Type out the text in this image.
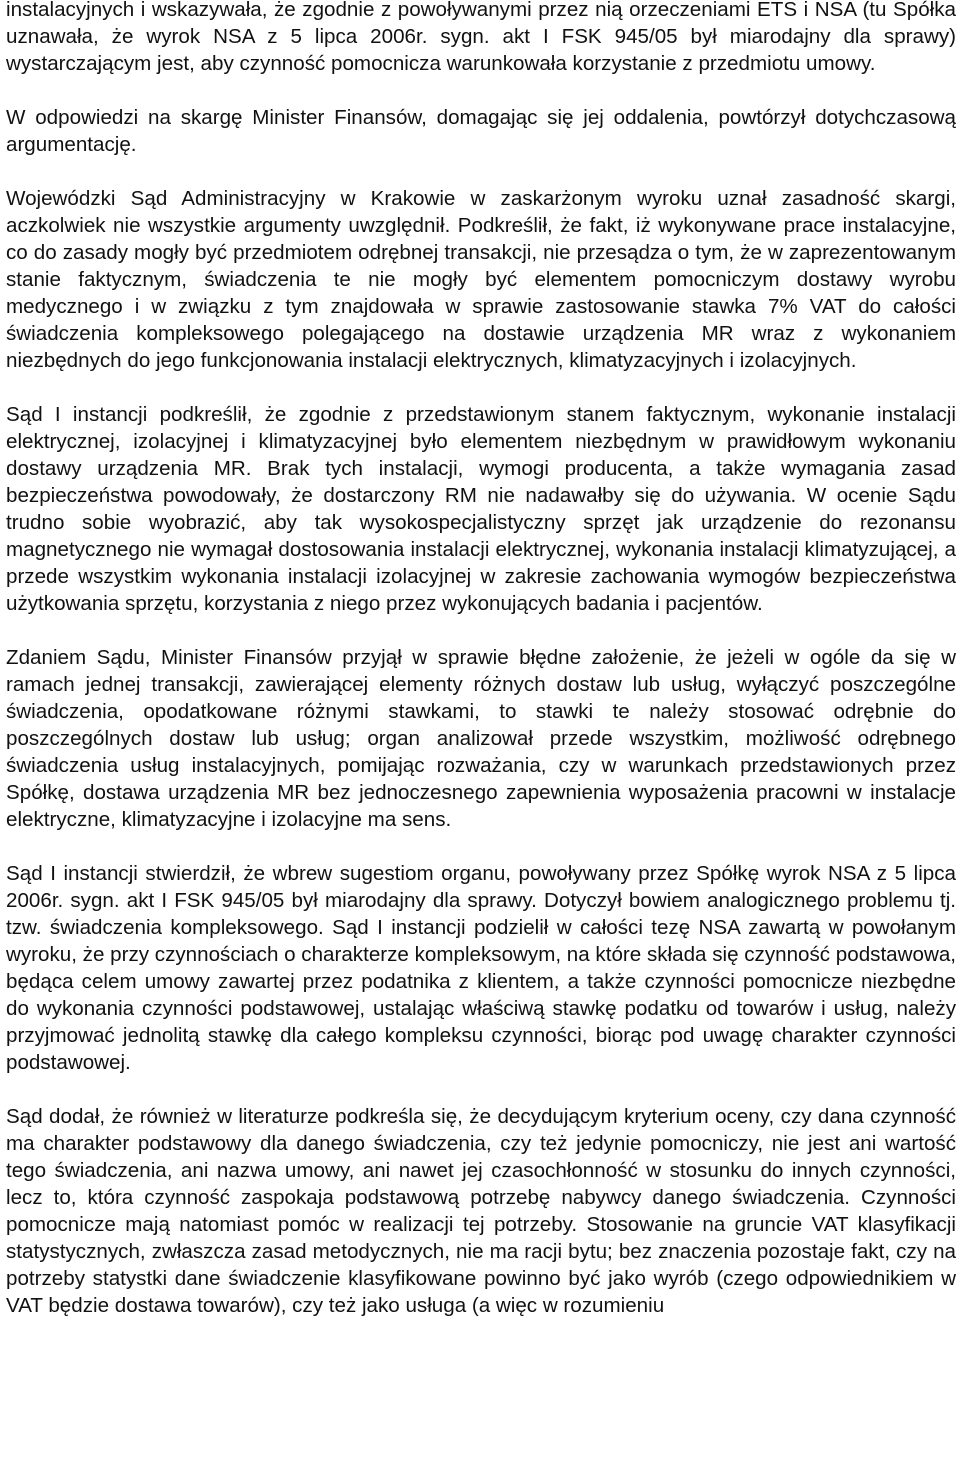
instalacyjnych i wskazywała, że zgodnie z powoływanymi przez nią orzeczeniami ETS i NSA (tu Spółka uznawała, że wyrok NSA z 5 lipca 2006r. sygn. akt I FSK 945/05 był miarodajny dla sprawy) wystarczającym jest, aby czynność pomocnicza warunkowała korzystanie z przedmiotu umowy.

W odpowiedzi na skargę Minister Finansów, domagając się jej oddalenia, powtórzył dotychczasową argumentację.

Wojewódzki Sąd Administracyjny w Krakowie w zaskarżonym wyroku uznał zasadność skargi, aczkolwiek nie wszystkie argumenty uwzględnił. Podkreślił, że fakt, iż wykonywane prace instalacyjne, co do zasady mogły być przedmiotem odrębnej transakcji, nie przesądza o tym, że w zaprezentowanym stanie faktycznym, świadczenia te nie mogły być elementem pomocniczym dostawy wyrobu medycznego i w związku z tym znajdowała w sprawie zastosowanie stawka 7% VAT do całości świadczenia kompleksowego polegającego na dostawie urządzenia MR wraz z wykonaniem niezbędnych do jego funkcjonowania instalacji elektrycznych, klimatyzacyjnych i izolacyjnych.

Sąd I instancji podkreślił, że zgodnie z przedstawionym stanem faktycznym, wykonanie instalacji elektrycznej, izolacyjnej i klimatyzacyjnej było elementem niezbędnym w prawidłowym wykonaniu dostawy urządzenia MR. Brak tych instalacji, wymogi producenta, a także wymagania zasad bezpieczeństwa powodowały, że dostarczony RM nie nadawałby się do używania. W ocenie Sądu trudno sobie wyobrazić, aby tak wysokospecjalistyczny sprzęt jak urządzenie do rezonansu magnetycznego nie wymagał dostosowania instalacji elektrycznej, wykonania instalacji klimatyzującej, a przede wszystkim wykonania instalacji izolacyjnej w zakresie zachowania wymogów bezpieczeństwa użytkowania sprzętu, korzystania z niego przez wykonujących badania i pacjentów.

Zdaniem Sądu, Minister Finansów przyjął w sprawie błędne założenie, że jeżeli w ogóle da się w ramach jednej transakcji, zawierającej elementy różnych dostaw lub usług, wyłączyć poszczególne świadczenia, opodatkowane różnymi stawkami, to stawki te należy stosować odrębnie do poszczególnych dostaw lub usług; organ analizował przede wszystkim, możliwość odrębnego świadczenia usług instalacyjnych, pomijając rozważania, czy w warunkach przedstawionych przez Spółkę, dostawa urządzenia MR bez jednoczesnego zapewnienia wyposażenia pracowni w instalacje elektryczne, klimatyzacyjne i izolacyjne ma sens.

Sąd I instancji stwierdził, że wbrew sugestiom organu, powoływany przez Spółkę wyrok NSA z 5 lipca 2006r. sygn. akt I FSK 945/05 był miarodajny dla sprawy. Dotyczył bowiem analogicznego problemu tj. tzw. świadczenia kompleksowego. Sąd I instancji podzielił w całości tezę NSA zawartą w powołanym wyroku, że przy czynnościach o charakterze kompleksowym, na które składa się czynność podstawowa, będąca celem umowy zawartej przez podatnika z klientem, a także czynności pomocnicze niezbędne do wykonania czynności podstawowej, ustalając właściwą stawkę podatku od towarów i usług, należy przyjmować jednolitą stawkę dla całego kompleksu czynności, biorąc pod uwagę charakter czynności podstawowej.

Sąd dodał, że również w literaturze podkreśla się, że decydującym kryterium oceny, czy dana czynność ma charakter podstawowy dla danego świadczenia, czy też jedynie pomocniczy, nie jest ani wartość tego świadczenia, ani nazwa umowy, ani nawet jej czasochłonność w stosunku do innych czynności, lecz to, która czynność zaspokaja podstawową potrzebę nabywcy danego świadczenia. Czynności pomocnicze mają natomiast pomóc w realizacji tej potrzeby. Stosowanie na gruncie VAT klasyfikacji statystycznych, zwłaszcza zasad metodycznych, nie ma racji bytu; bez znaczenia pozostaje fakt, czy na potrzeby statystki dane świadczenie klasyfikowane powinno być jako wyrób (czego odpowiednikiem w VAT będzie dostawa towarów), czy też jako usługa (a więc w rozumieniu
